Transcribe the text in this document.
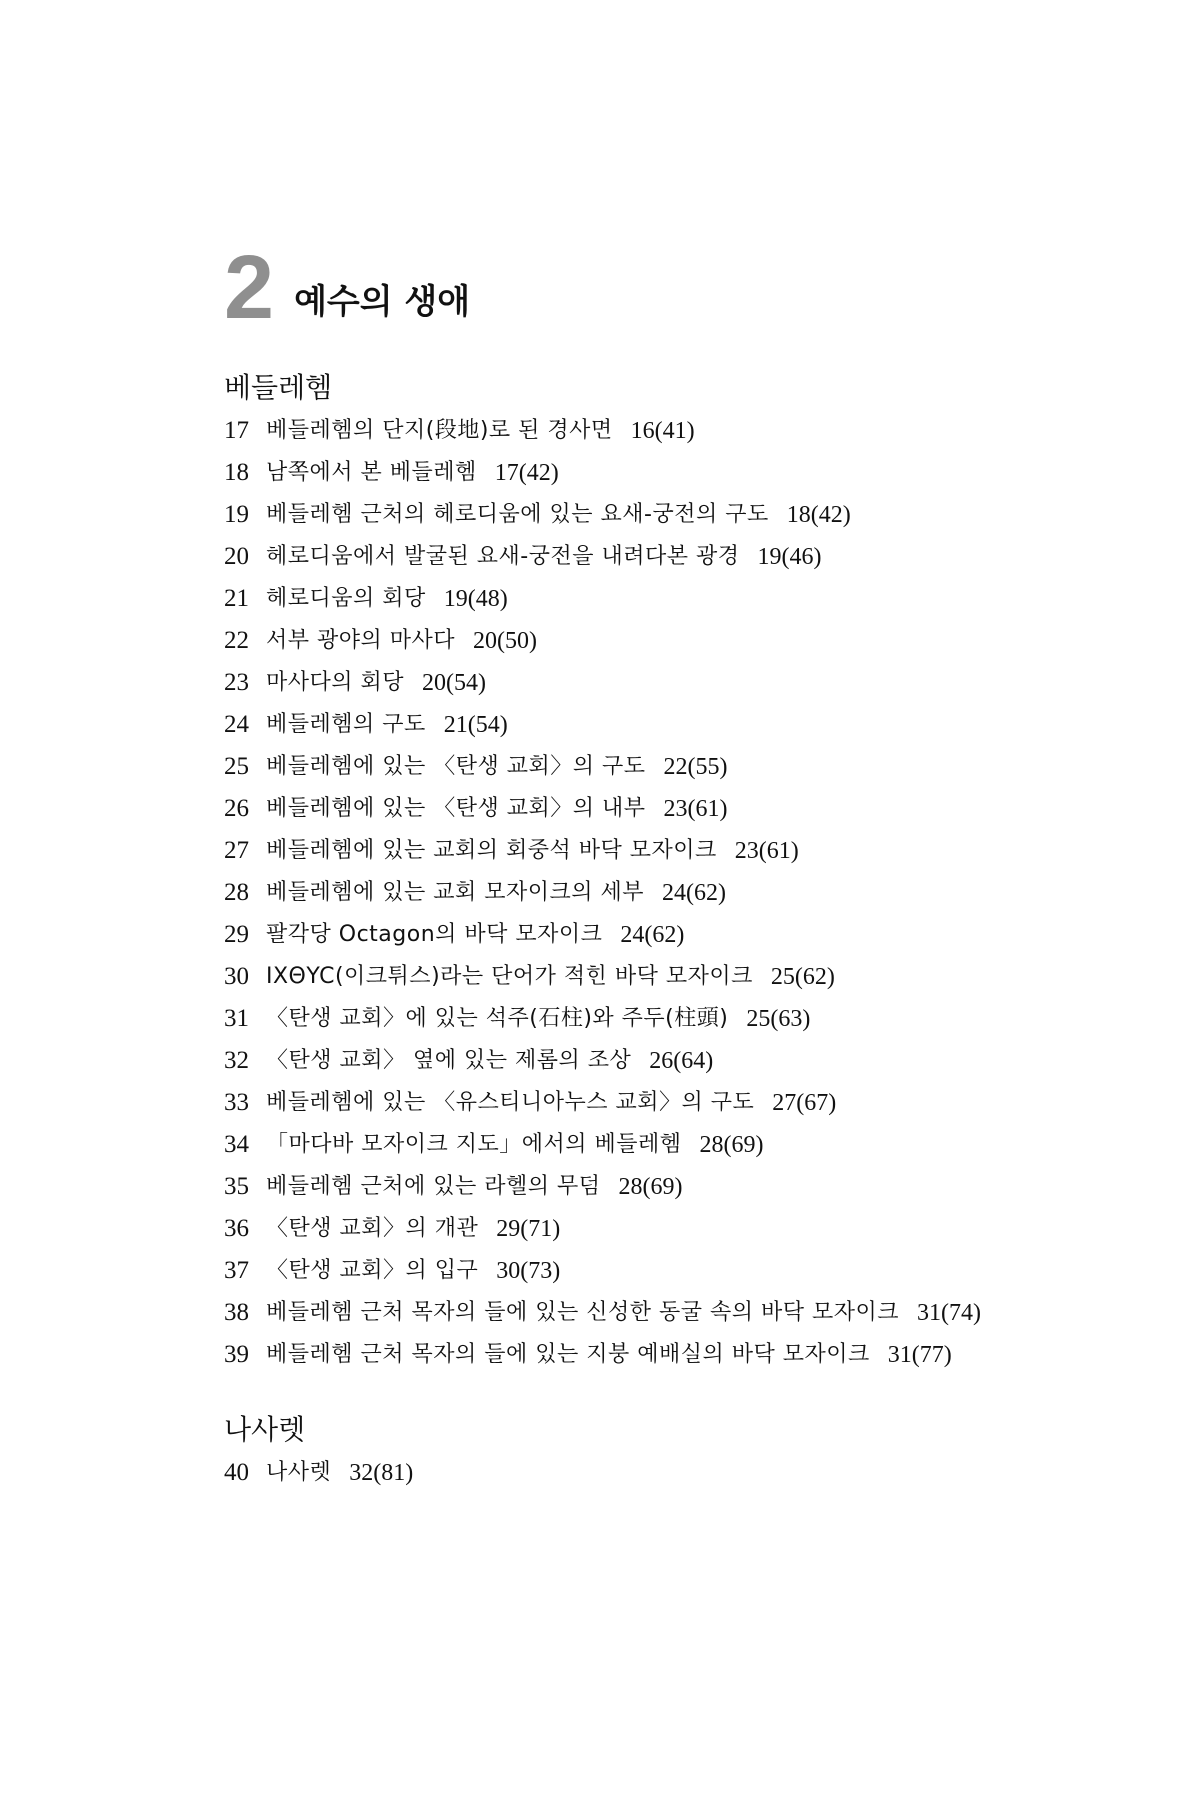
2 예수의 생애
베들레헴
17 베들레헴의 단지(段地)로 된 경사면 16(41)
18 남쪽에서 본 베들레헴 17(42)
19 베들레헴 근처의 헤로디움에 있는 요새-궁전의 구도 18(42)
20 헤로디움에서 발굴된 요새-궁전을 내려다본 광경 19(46)
21 헤로디움의 회당 19(48)
22 서부 광야의 마사다 20(50)
23 마사다의 회당 20(54)
24 베들레헴의 구도 21(54)
25 베들레헴에 있는 〈탄생 교회〉의 구도 22(55)
26 베들레헴에 있는 〈탄생 교회〉의 내부 23(61)
27 베들레헴에 있는 교회의 회중석 바닥 모자이크 23(61)
28 베들레헴에 있는 교회 모자이크의 세부 24(62)
29 팔각당 Octagon의 바닥 모자이크 24(62)
30 IXΘYC(이크튀스)라는 단어가 적힌 바닥 모자이크 25(62)
31 〈탄생 교회〉에 있는 석주(石柱)와 주두(柱頭) 25(63)
32 〈탄생 교회〉 옆에 있는 제롬의 조상 26(64)
33 베들레헴에 있는 〈유스티니아누스 교회〉의 구도 27(67)
34 「마다바 모자이크 지도」에서의 베들레헴 28(69)
35 베들레헴 근처에 있는 라헬의 무덤 28(69)
36 〈탄생 교회〉의 개관 29(71)
37 〈탄생 교회〉의 입구 30(73)
38 베들레헴 근처 목자의 들에 있는 신성한 동굴 속의 바닥 모자이크 31(74)
39 베들레헴 근처 목자의 들에 있는 지붕 예배실의 바닥 모자이크 31(77)
나사렛
40 나사렛 32(81)
